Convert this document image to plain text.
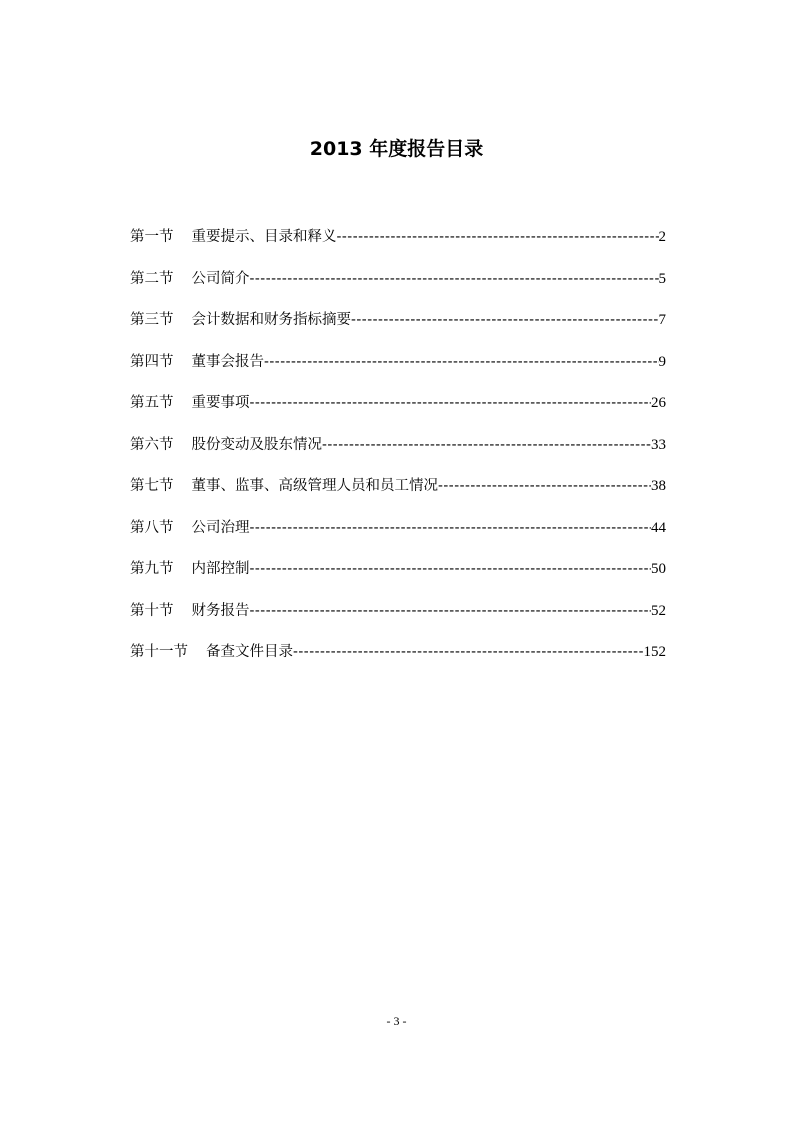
2013 年度报告目录
第一节 重要提示、目录和释义 -----	2
第二节 公司简介 -----	5
第三节 会计数据和财务指标摘要 -----	7
第四节 董事会报告 -----	9
第五节 重要事项 -----	26
第六节 股份变动及股东情况 -----	33
第七节 董事、监事、高级管理人员和员工情况 -----	38
第八节 公司治理 -----	44
第九节 内部控制 -----	50
第十节 财务报告 -----	52
第十一节 备查文件目录 -----	152
- 3 -
